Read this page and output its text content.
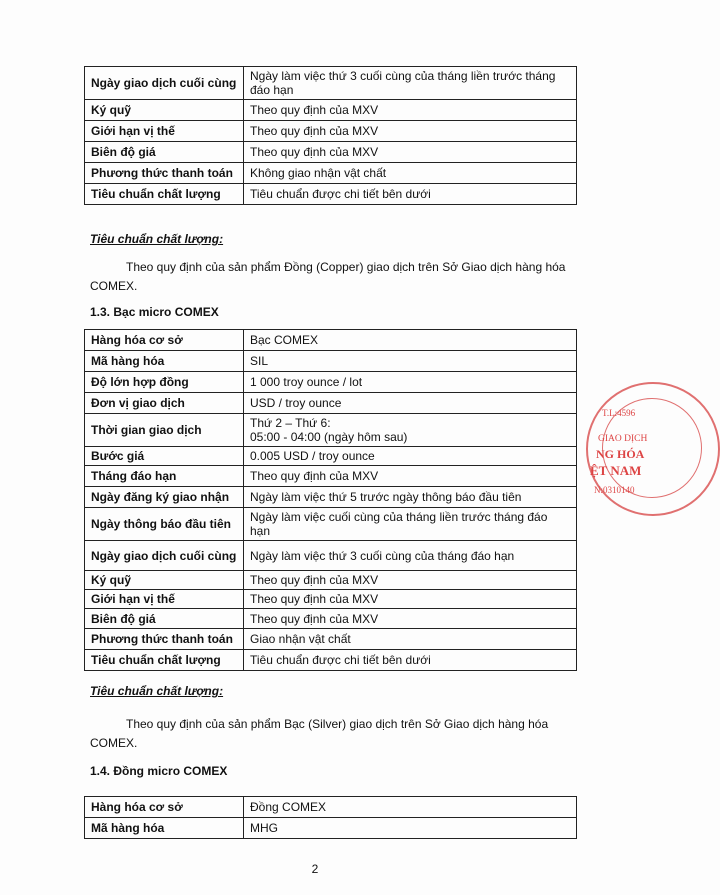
Ngày giao dịch cuối cùng	Ngày làm việc thứ 3 cuối cùng của tháng liền trước tháng đáo hạn
Ký quỹ	Theo quy định của MXV
Giới hạn vị thế	Theo quy định của MXV
Biên độ giá	Theo quy định của MXV
Phương thức thanh toán	Không giao nhận vật chất
Tiêu chuẩn chất lượng	Tiêu chuẩn được chi tiết bên dưới
Tiêu chuẩn chất lượng:
Theo quy định của sản phẩm Đồng (Copper) giao dịch trên Sở Giao dịch hàng hóa COMEX.
1.3. Bạc micro COMEX
Hàng hóa cơ sở	Bạc COMEX
Mã hàng hóa	SIL
Độ lớn hợp đồng	1 000 troy ounce / lot
Đơn vị giao dịch	USD / troy ounce
Thời gian giao dịch	Thứ 2 – Thứ 6:
05:00 - 04:00 (ngày hôm sau)

Bước giá	0.005 USD / troy ounce
Tháng đáo hạn	Theo quy định của MXV
Ngày đăng ký giao nhận	Ngày làm việc thứ 5 trước ngày thông báo đầu tiên
Ngày thông báo đầu tiên	Ngày làm việc cuối cùng của tháng liền trước tháng đáo hạn
Ngày giao dịch cuối cùng	Ngày làm việc thứ 3 cuối cùng của tháng đáo hạn
Ký quỹ	Theo quy định của MXV
Giới hạn vị thế	Theo quy định của MXV
Biên độ giá	Theo quy định của MXV
Phương thức thanh toán	Giao nhận vật chất
Tiêu chuẩn chất lượng	Tiêu chuẩn được chi tiết bên dưới
Tiêu chuẩn chất lượng:
Theo quy định của sản phẩm Bạc (Silver) giao dịch trên Sở Giao dịch hàng hóa COMEX.
1.4. Đồng micro COMEX
Hàng hóa cơ sở	Đồng COMEX
Mã hàng hóa	MHG
T.L:4596
GIAO DỊCH
NG HÓA
ỆT NAM
N:0310140
2
